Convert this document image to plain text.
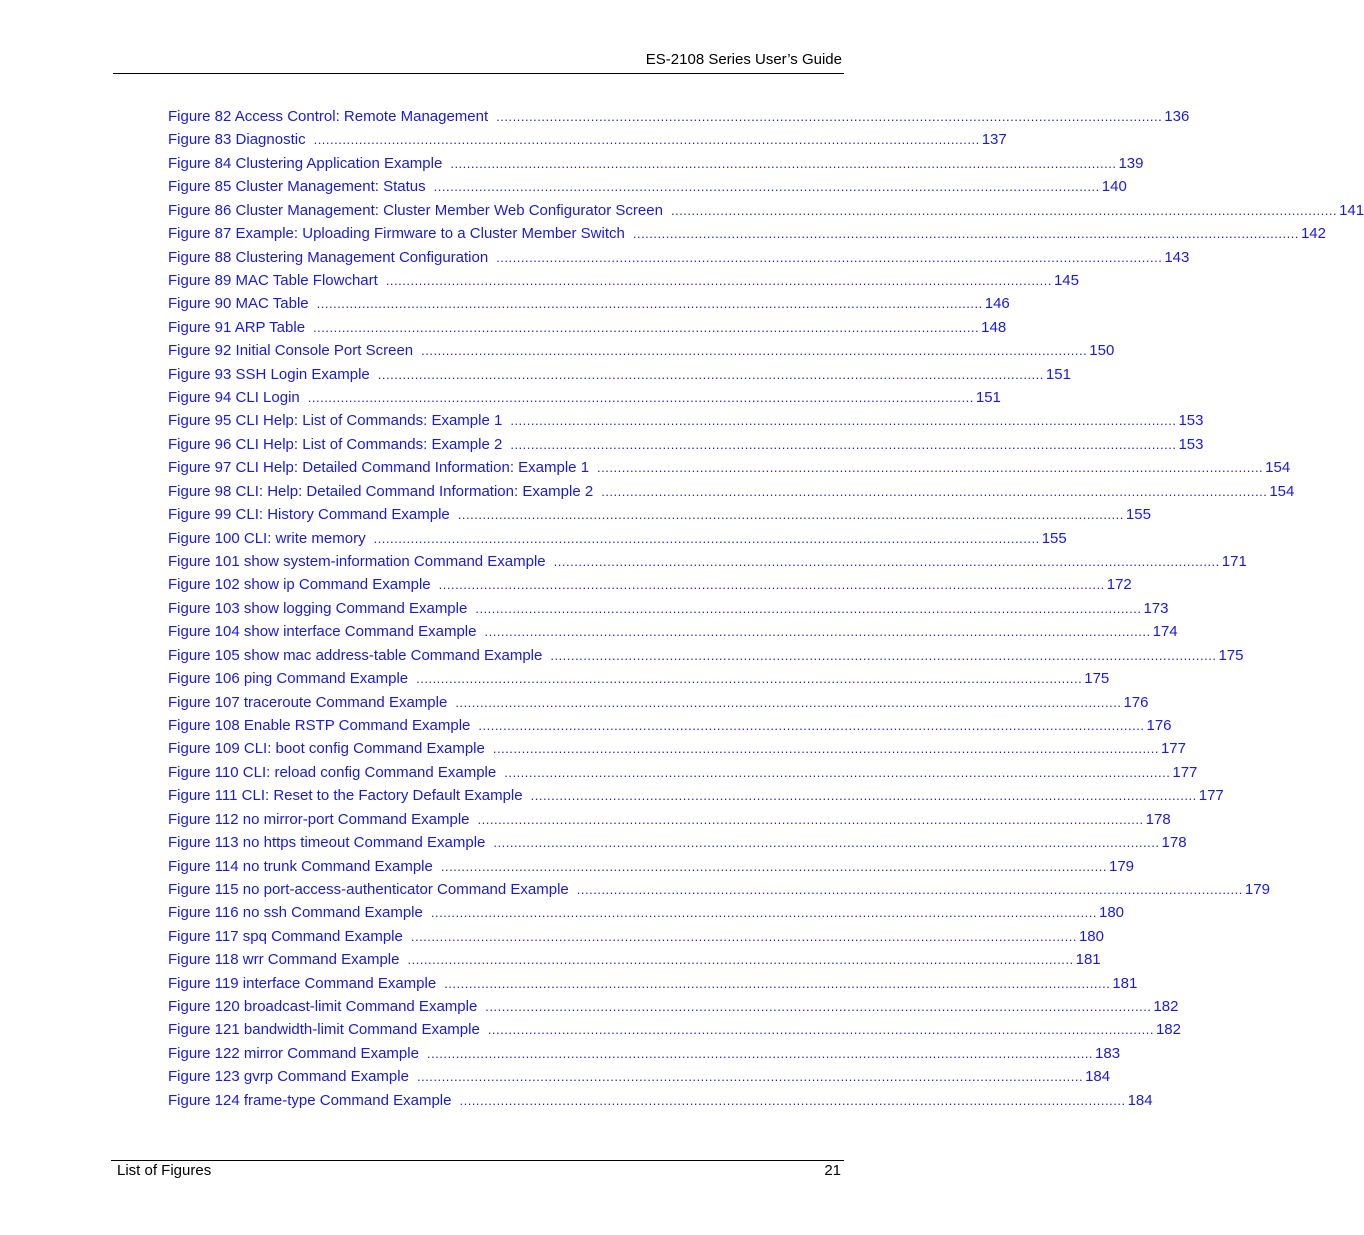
ES-2108 Series User’s Guide
Figure 82 Access Control: Remote Management .................................................................................................................................................................. 136
Figure 83 Diagnostic .................................................................................................................................................................. 137
Figure 84 Clustering Application Example .................................................................................................................................................................. 139
Figure 85 Cluster Management: Status .................................................................................................................................................................. 140
Figure 86 Cluster Management: Cluster Member Web Configurator Screen .................................................................................................................................................................. 141
Figure 87 Example: Uploading Firmware to a Cluster Member Switch .................................................................................................................................................................. 142
Figure 88 Clustering Management Configuration .................................................................................................................................................................. 143
Figure 89 MAC Table Flowchart .................................................................................................................................................................. 145
Figure 90 MAC Table .................................................................................................................................................................. 146
Figure 91 ARP Table .................................................................................................................................................................. 148
Figure 92 Initial Console Port Screen .................................................................................................................................................................. 150
Figure 93 SSH Login Example .................................................................................................................................................................. 151
Figure 94 CLI Login .................................................................................................................................................................. 151
Figure 95 CLI Help: List of Commands: Example 1 .................................................................................................................................................................. 153
Figure 96 CLI Help: List of Commands: Example 2 .................................................................................................................................................................. 153
Figure 97 CLI Help: Detailed Command Information: Example 1 .................................................................................................................................................................. 154
Figure 98 CLI: Help: Detailed Command Information: Example 2 .................................................................................................................................................................. 154
Figure 99 CLI: History Command Example .................................................................................................................................................................. 155
Figure 100 CLI: write memory .................................................................................................................................................................. 155
Figure 101 show system-information Command Example .................................................................................................................................................................. 171
Figure 102 show ip Command Example .................................................................................................................................................................. 172
Figure 103 show logging Command Example .................................................................................................................................................................. 173
Figure 104 show interface Command Example .................................................................................................................................................................. 174
Figure 105 show mac address-table Command Example .................................................................................................................................................................. 175
Figure 106 ping Command Example .................................................................................................................................................................. 175
Figure 107 traceroute Command Example .................................................................................................................................................................. 176
Figure 108 Enable RSTP Command Example .................................................................................................................................................................. 176
Figure 109 CLI: boot config Command Example .................................................................................................................................................................. 177
Figure 110 CLI: reload config Command Example .................................................................................................................................................................. 177
Figure 111 CLI: Reset to the Factory Default Example .................................................................................................................................................................. 177
Figure 112 no mirror-port Command Example .................................................................................................................................................................. 178
Figure 113 no https timeout Command Example .................................................................................................................................................................. 178
Figure 114 no trunk Command Example .................................................................................................................................................................. 179
Figure 115 no port-access-authenticator Command Example .................................................................................................................................................................. 179
Figure 116 no ssh Command Example .................................................................................................................................................................. 180
Figure 117 spq Command Example .................................................................................................................................................................. 180
Figure 118 wrr Command Example .................................................................................................................................................................. 181
Figure 119 interface Command Example .................................................................................................................................................................. 181
Figure 120 broadcast-limit Command Example .................................................................................................................................................................. 182
Figure 121 bandwidth-limit Command Example .................................................................................................................................................................. 182
Figure 122 mirror Command Example .................................................................................................................................................................. 183
Figure 123 gvrp Command Example .................................................................................................................................................................. 184
Figure 124 frame-type Command Example .................................................................................................................................................................. 184
List of Figures	21
